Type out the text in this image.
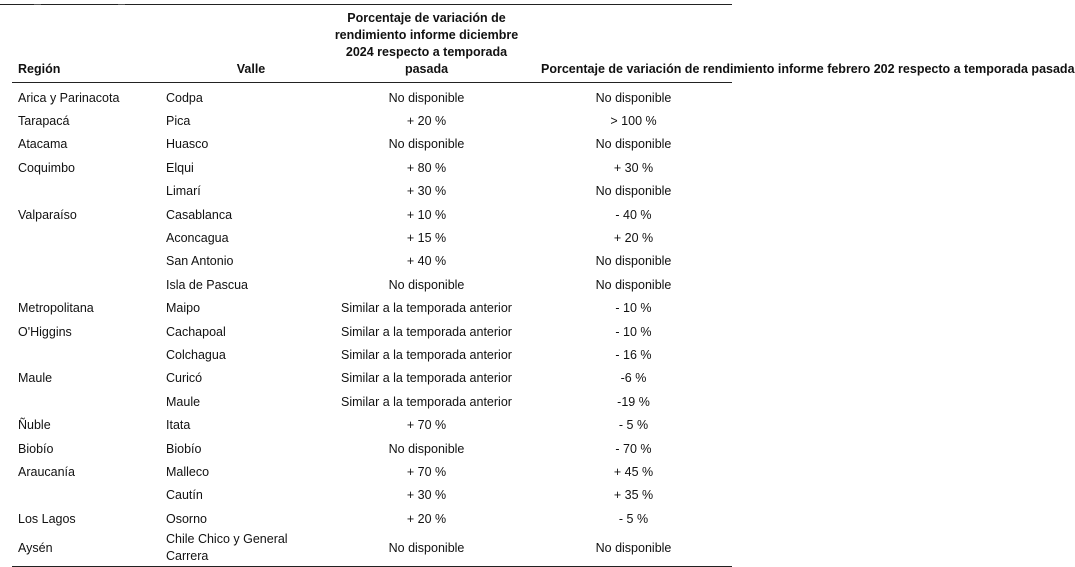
Región	Valle	Porcentaje de variación de rendimiento informe diciembre 2024 respecto a temporada pasada	Porcentaje de variación de rendimiento informe febrero 202 respecto a temporada pasada

Arica y Parinacota	Codpa	No disponible	No disponible
Tarapacá	Pica	+ 20 %	> 100 %
Atacama	Huasco	No disponible	No disponible
Coquimbo	Elqui	+ 80 %	+ 30 %
	Limarí	+ 30 %	No disponible
Valparaíso	Casablanca	+ 10 %	- 40 %
	Aconcagua	+ 15 %	+ 20 %
	San Antonio	+ 40 %	No disponible
	Isla de Pascua	No disponible	No disponible
Metropolitana	Maipo	Similar a la temporada anterior	- 10 %
O'Higgins	Cachapoal	Similar a la temporada anterior	- 10 %
	Colchagua	Similar a la temporada anterior	- 16 %
Maule	Curicó	Similar a la temporada anterior	-6 %
	Maule	Similar a la temporada anterior	-19 %
Ñuble	Itata	+ 70 %	- 5 %
Biobío	Biobío	No disponible	- 70 %
Araucanía	Malleco	+ 70 %	+ 45 %
	Cautín	+ 30 %	+ 35 %
Los Lagos	Osorno	+ 20 %	- 5 %
Aysén	Chile Chico y General Carrera	No disponible	No disponible
